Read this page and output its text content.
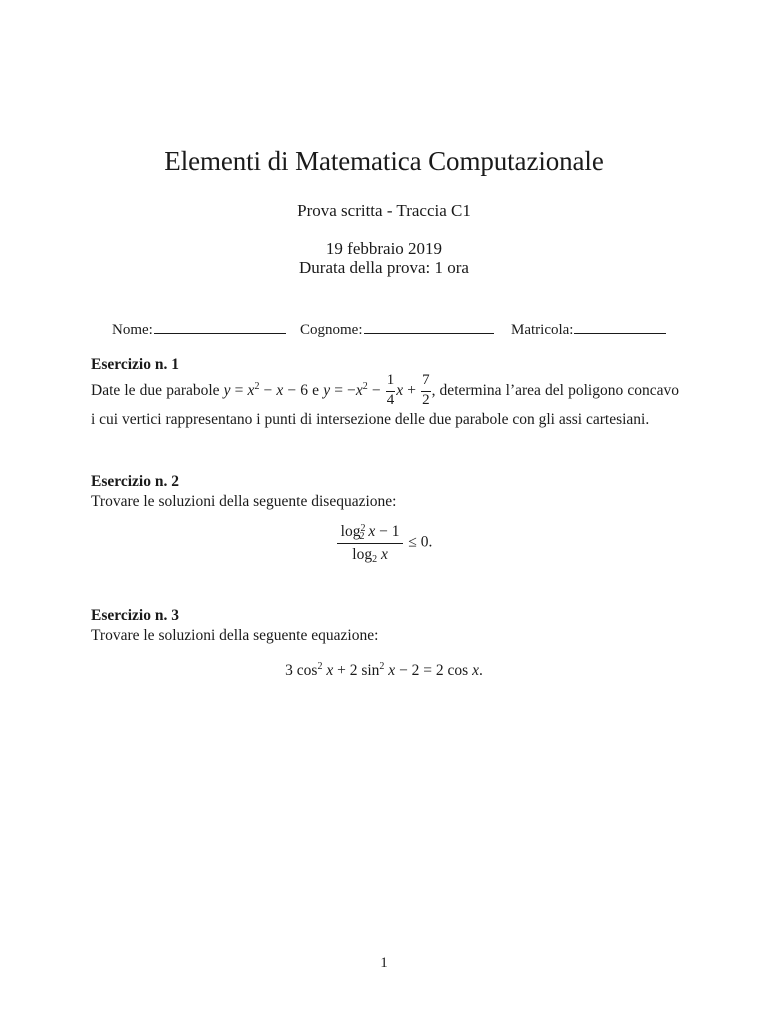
Elementi di Matematica Computazionale
Prova scritta - Traccia C1
19 febbraio 2019
Durata della prova: 1 ora
Nome:	Cognome:	Matricola:
Esercizio n. 1
Date le due parabole $y = x^2 - x - 6$ e $y = -x^2 - \frac{1}{4}$ $x + \frac{7}{2}$ , determina l’area del poligono concavo i cui vertici rappresentano i punti di intersezione delle due parabole con gli assi cartesiani.
Esercizio n. 2
Trovare le soluzioni della seguente disequazione:
$\frac{\log^2_2 x - 1}{\log_2 x} \le 0$.
Esercizio n. 3
Trovare le soluzioni della seguente equazione:
3 $\cos^2 x + 2$ $\sin^2 x - 2 = 2$ cos x.
1
